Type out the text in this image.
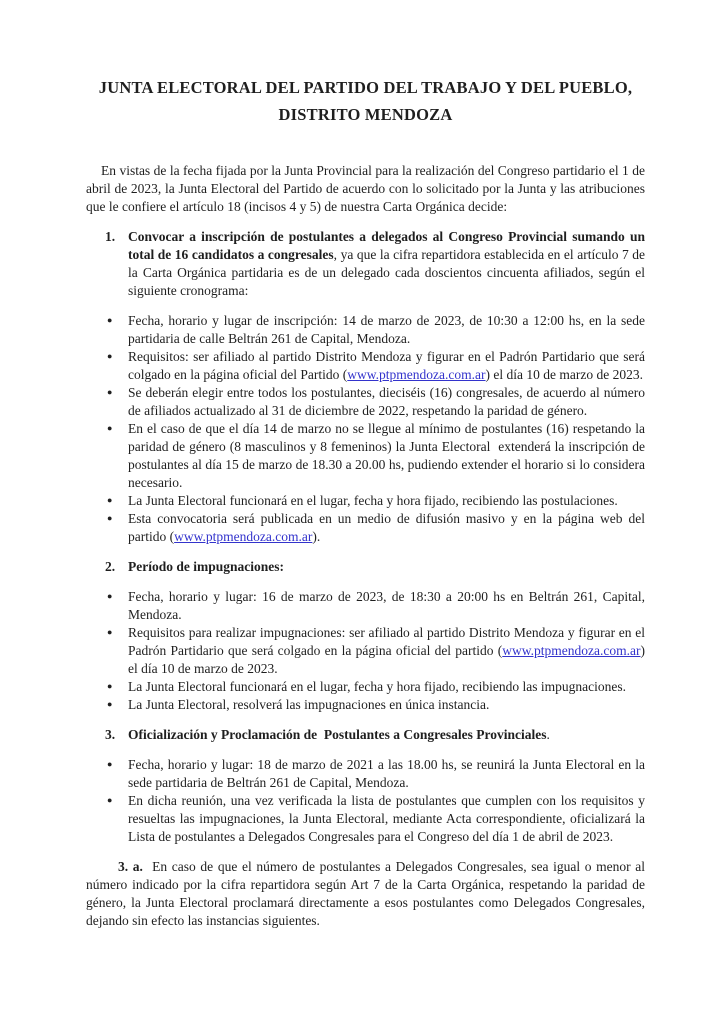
JUNTA ELECTORAL DEL PARTIDO DEL TRABAJO Y DEL PUEBLO,
DISTRITO MENDOZA

En vistas de la fecha fijada por la Junta Provincial para la realización del Congreso partidario el 1 de abril de 2023, la Junta Electoral del Partido de acuerdo con lo solicitado por la Junta y las atribuciones que le confiere el artículo 18 (incisos 4 y 5) de nuestra Carta Orgánica decide:

1. Convocar a inscripción de postulantes a delegados al Congreso Provincial sumando un total de 16 candidatos a congresales, ya que la cifra repartidora establecida en el artículo 7 de la Carta Orgánica partidaria es de un delegado cada doscientos cincuenta afiliados, según el siguiente cronograma:
● Fecha, horario y lugar de inscripción: 14 de marzo de 2023, de 10:30 a 12:00 hs, en la sede partidaria de calle Beltrán 261 de Capital, Mendoza.
● Requisitos: ser afiliado al partido Distrito Mendoza y figurar en el Padrón Partidario que será colgado en la página oficial del Partido (www.ptpmendoza.com.ar) el día 10 de marzo de 2023.
● Se deberán elegir entre todos los postulantes, dieciséis (16) congresales, de acuerdo al número de afiliados actualizado al 31 de diciembre de 2022, respetando la paridad de género.
● En el caso de que el día 14 de marzo no se llegue al mínimo de postulantes (16) respetando la paridad de género (8 masculinos y 8 femeninos) la Junta Electoral  extenderá la inscripción de postulantes al día 15 de marzo de 18.30 a 20.00 hs, pudiendo extender el horario si lo considera necesario.
● La Junta Electoral funcionará en el lugar, fecha y hora fijado, recibiendo las postulaciones.
● Esta convocatoria será publicada en un medio de difusión masivo y en la página web del partido (www.ptpmendoza.com.ar).
2. Período de impugnaciones:
● Fecha, horario y lugar: 16 de marzo de 2023, de 18:30 a 20:00 hs en Beltrán 261, Capital, Mendoza.
● Requisitos para realizar impugnaciones: ser afiliado al partido Distrito Mendoza y figurar en el Padrón Partidario que será colgado en la página oficial del partido (www.ptpmendoza.com.ar) el día 10 de marzo de 2023.
● La Junta Electoral funcionará en el lugar, fecha y hora fijado, recibiendo las impugnaciones.
● La Junta Electoral, resolverá las impugnaciones en única instancia.
3. Oficialización y Proclamación de  Postulantes a Congresales Provinciales.
● Fecha, horario y lugar: 18 de marzo de 2021 a las 18.00 hs, se reunirá la Junta Electoral en la sede partidaria de Beltrán 261 de Capital, Mendoza.
● En dicha reunión, una vez verificada la lista de postulantes que cumplen con los requisitos y resueltas las impugnaciones, la Junta Electoral, mediante Acta correspondiente, oficializará la Lista de postulantes a Delegados Congresales para el Congreso del día 1 de abril de 2023.

3. a.  En caso de que el número de postulantes a Delegados Congresales, sea igual o menor al número indicado por la cifra repartidora según Art 7 de la Carta Orgánica, respetando la paridad de género, la Junta Electoral proclamará directamente a esos postulantes como Delegados Congresales, dejando sin efecto las instancias siguientes.
